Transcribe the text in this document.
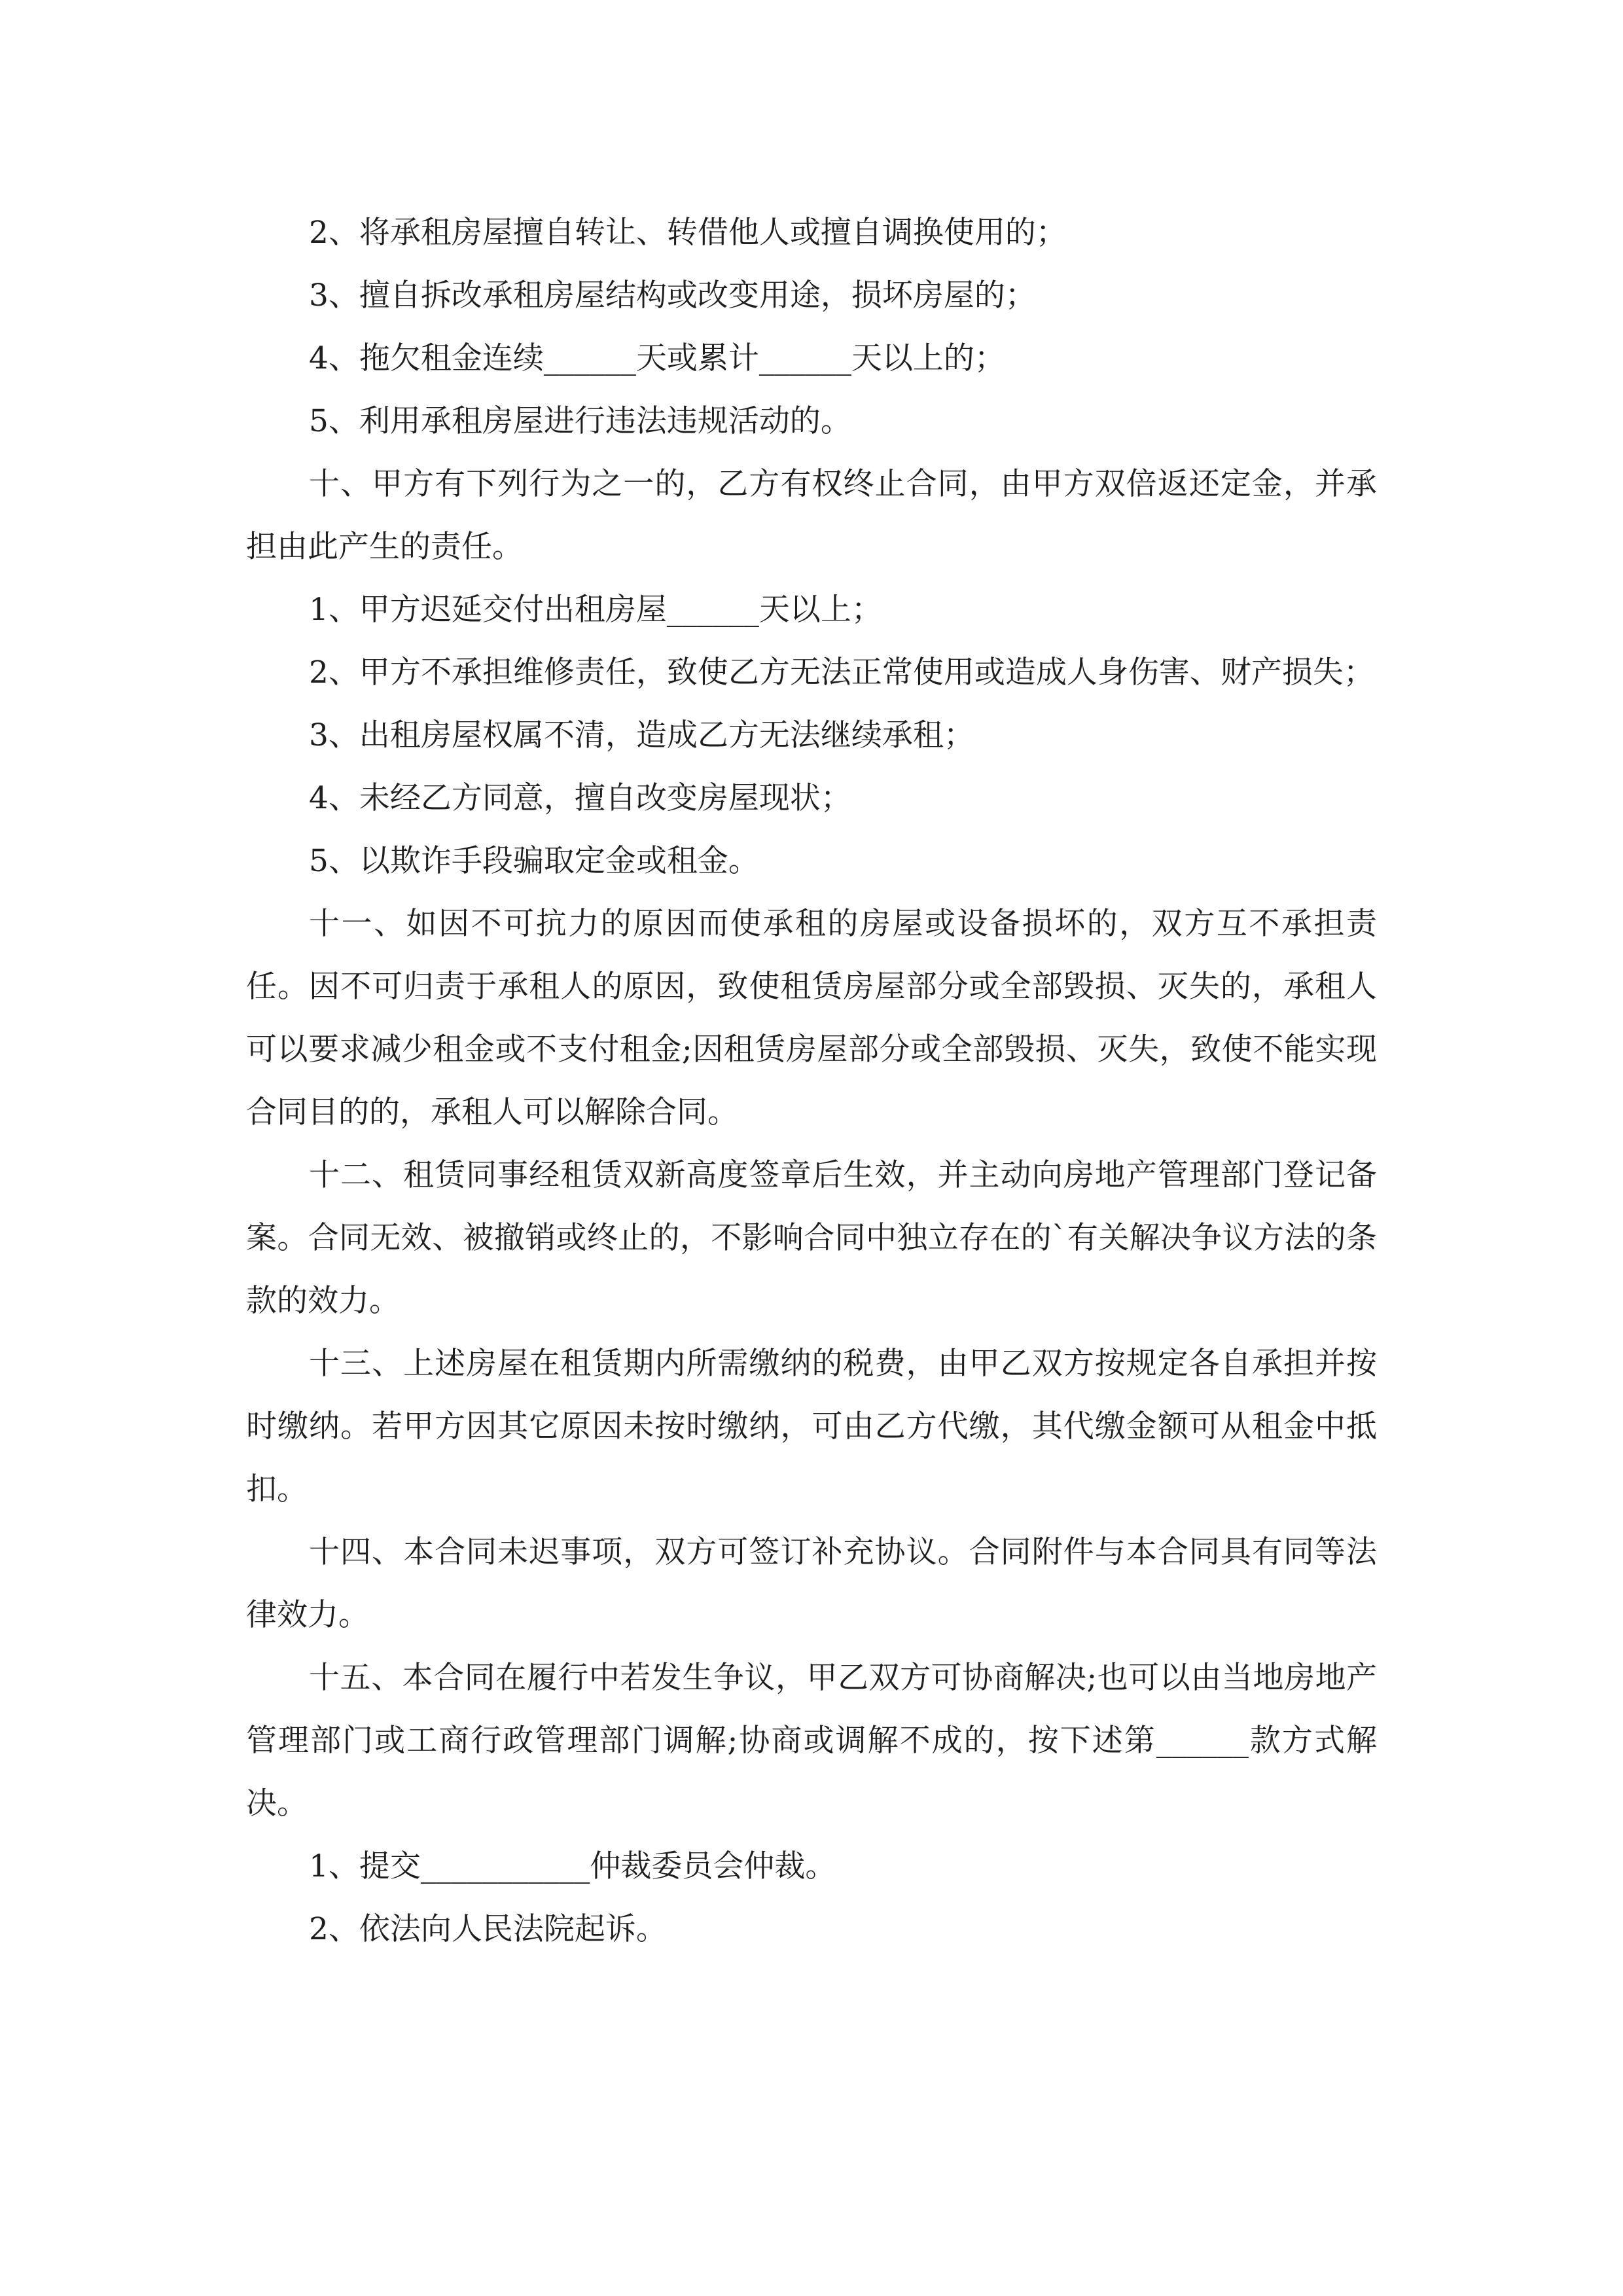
2、将承租房屋擅自转让、转借他人或擅自调换使用的；

3、擅自拆改承租房屋结构或改变用途，损坏房屋的；

4、拖欠租金连续______天或累计______天以上的；

5、利用承租房屋进行违法违规活动的。

十、甲方有下列行为之一的，乙方有权终止合同，由甲方双倍返还定金，并承担由此产生的责任。

1、甲方迟延交付出租房屋______天以上；

2、甲方不承担维修责任，致使乙方无法正常使用或造成人身伤害、财产损失；

3、出租房屋权属不清，造成乙方无法继续承租；

4、未经乙方同意，擅自改变房屋现状；

5、以欺诈手段骗取定金或租金。

十一、如因不可抗力的原因而使承租的房屋或设备损坏的，双方互不承担责任。因不可归责于承租人的原因，致使租赁房屋部分或全部毁损、灭失的，承租人可以要求减少租金或不支付租金;因租赁房屋部分或全部毁损、灭失，致使不能实现合同目的的，承租人可以解除合同。

十二、租赁同事经租赁双新高度签章后生效，并主动向房地产管理部门登记备案。合同无效、被撤销或终止的，不影响合同中独立存在的`有关解决争议方法的条款的效力。

十三、上述房屋在租赁期内所需缴纳的税费，由甲乙双方按规定各自承担并按时缴纳。若甲方因其它原因未按时缴纳，可由乙方代缴，其代缴金额可从租金中抵扣。

十四、本合同未迟事项，双方可签订补充协议。合同附件与本合同具有同等法律效力。

十五、本合同在履行中若发生争议，甲乙双方可协商解决;也可以由当地房地产管理部门或工商行政管理部门调解;协商或调解不成的，按下述第______款方式解决。

1、提交___________仲裁委员会仲裁。

2、依法向人民法院起诉。
